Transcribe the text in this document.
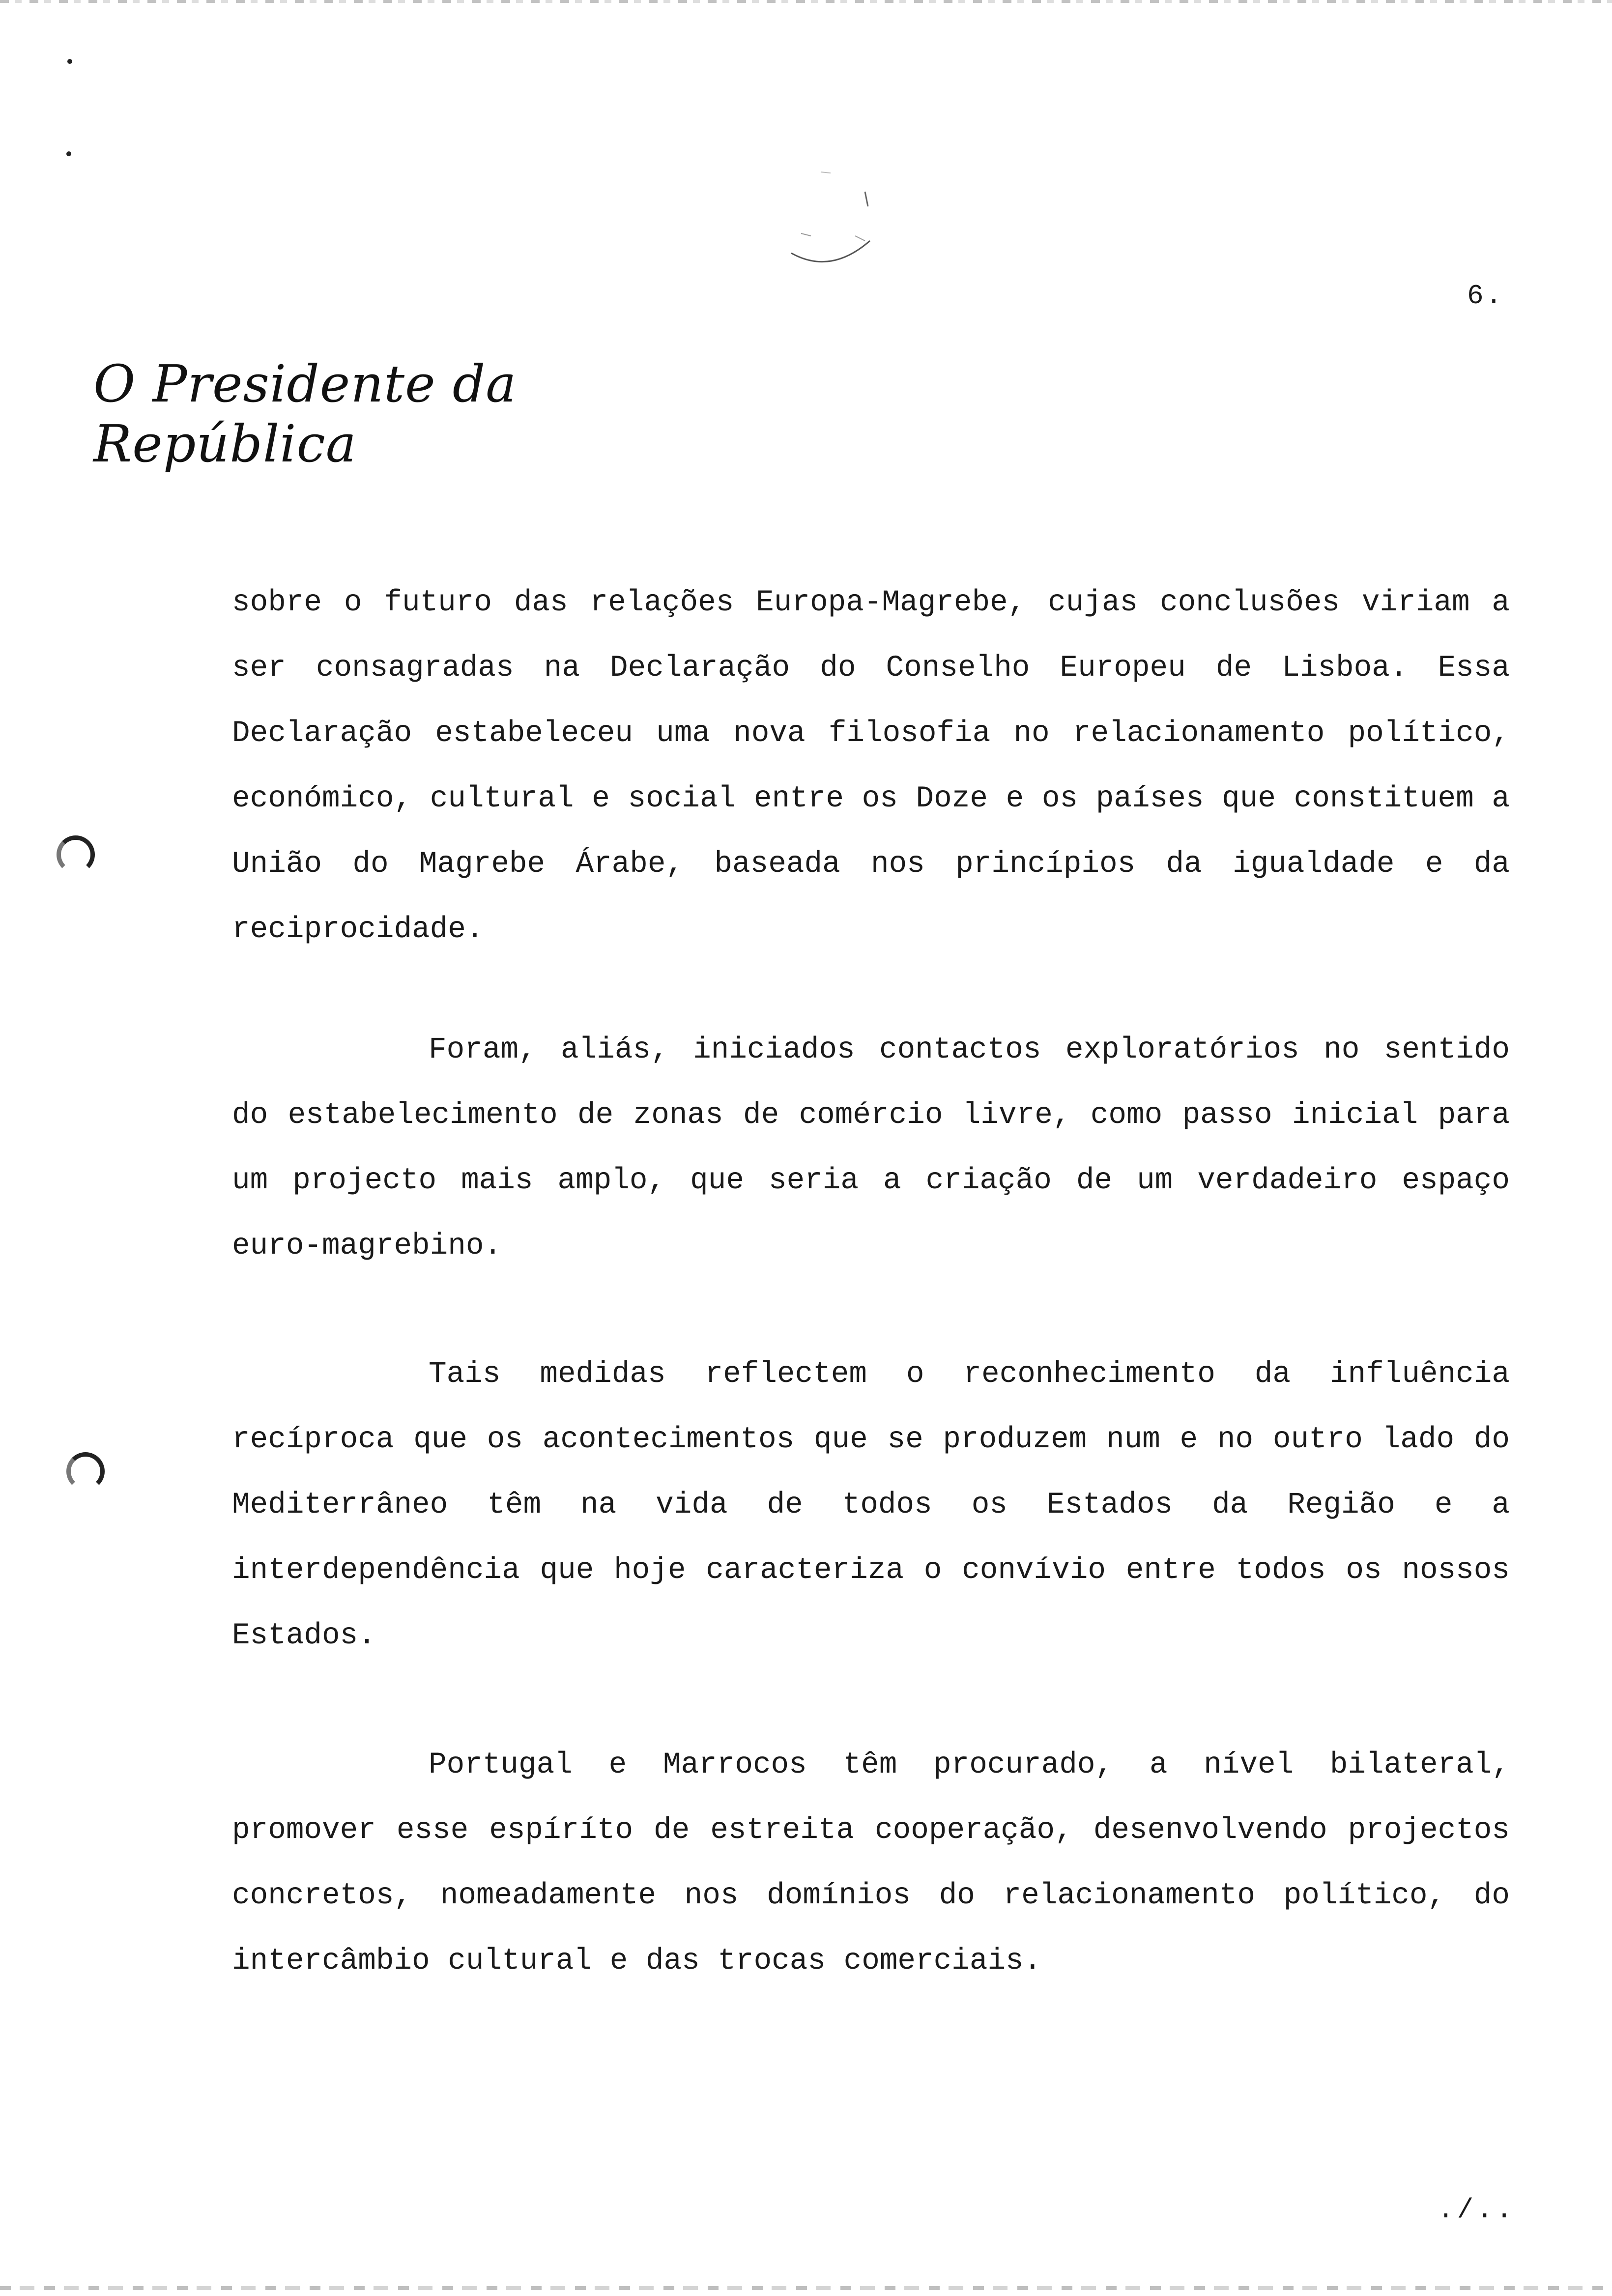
6.
O Presidente da República

sobre o futuro das relações Europa-Magrebe, cujas conclusões viriam a ser consagradas na Declaração do Conselho Europeu de Lisboa. Essa Declaração estabeleceu uma nova filosofia no relacionamento político, económico, cultural e social entre os Doze e os países que constituem a União do Magrebe Árabe, baseada nos princípios da igualdade e da reciprocidade.

Foram, aliás, iniciados contactos exploratórios no sentido do estabelecimento de zonas de comércio livre, como passo inicial para um projecto mais amplo, que seria a criação de um verdadeiro espaço euro-magrebino.

Tais medidas reflectem o reconhecimento da influência recíproca que os acontecimentos que se produzem num e no outro lado do Mediterrâneo têm na vida de todos os Estados da Região e a interdependência que hoje caracteriza o convívio entre todos os nossos Estados.

Portugal e Marrocos têm procurado, a nível bilateral, promover esse espíríto de estreita cooperação, desenvolvendo projectos concretos, nomeadamente nos domínios do relacionamento político, do intercâmbio cultural e das trocas comerciais.

./..
